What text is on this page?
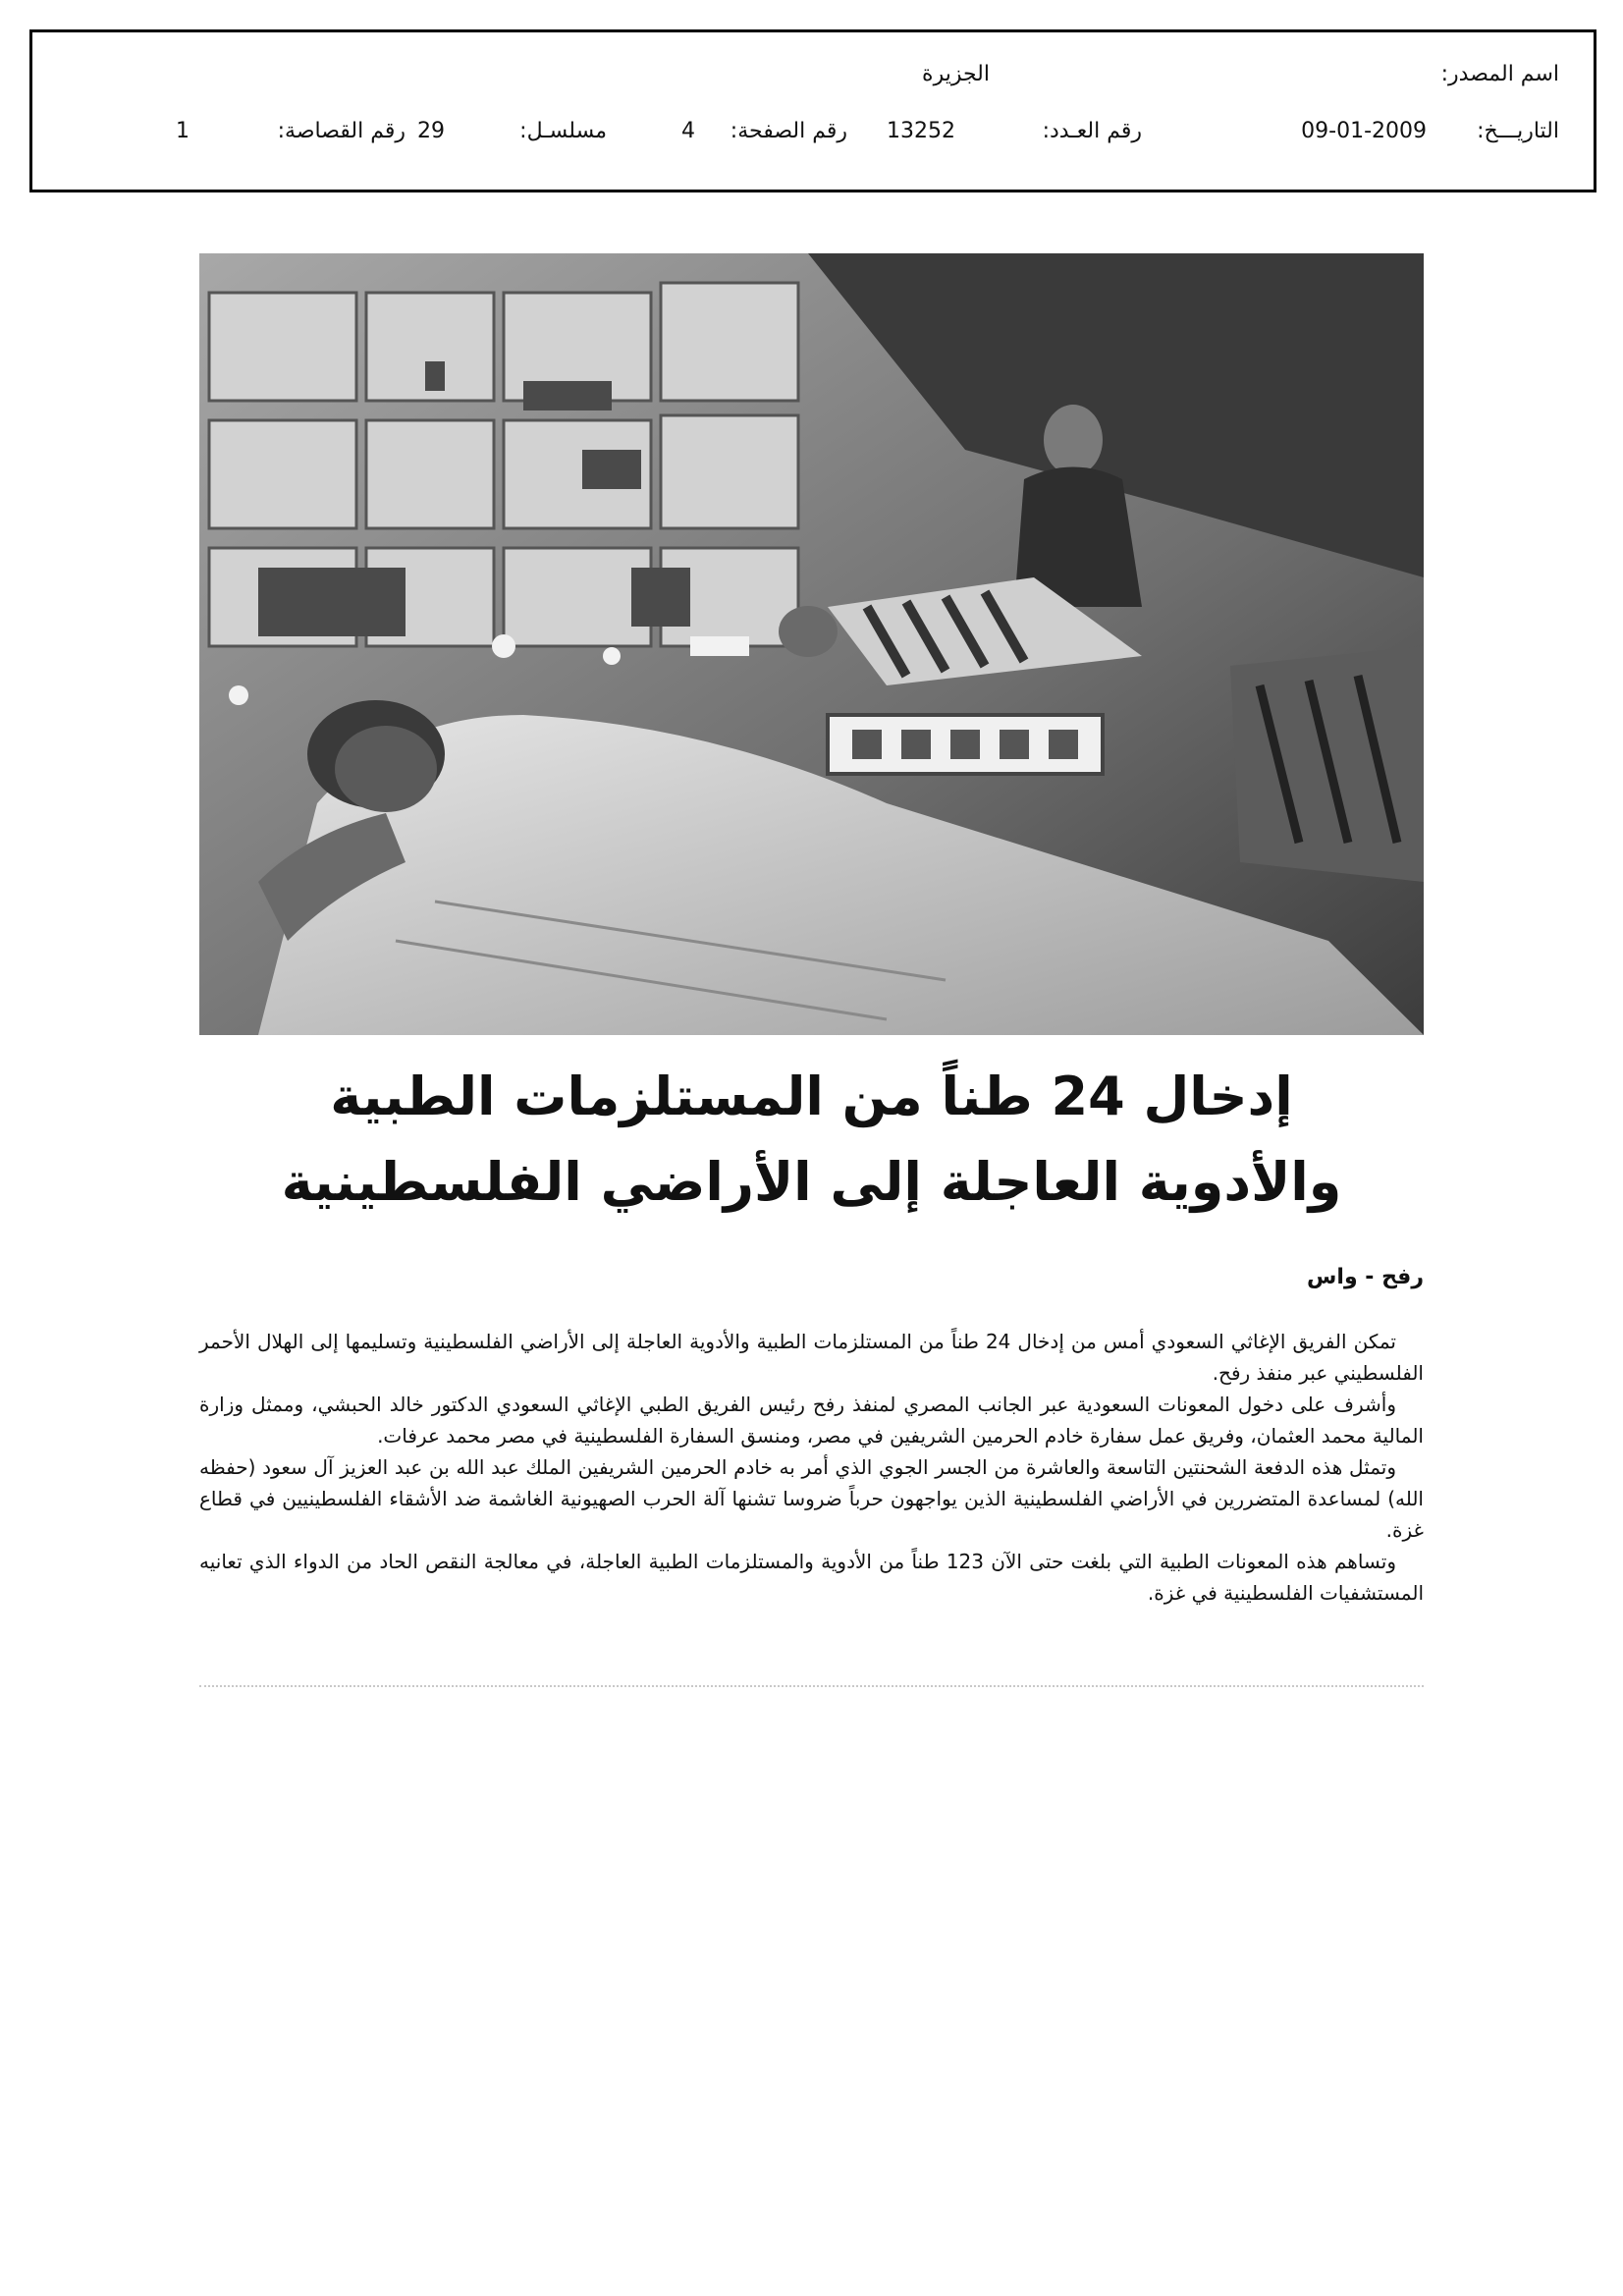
اسم المصدر:
الجزيرة
التاريـــخ:
09-01-2009
رقم العـدد:
13252
رقم الصفحة:
4
مسلسـل:
29
رقم القصاصة:
1
إدخال 24 طناً من المستلزمات الطبية
والأدوية العاجلة إلى الأراضي الفلسطينية
رفح - واس

تمكن الفريق الإغاثي السعودي أمس من إدخال 24 طناً من المستلزمات الطبية والأدوية العاجلة إلى الأراضي الفلسطينية وتسليمها إلى الهلال الأحمر الفلسطيني عبر منفذ رفح.

وأشرف على دخول المعونات السعودية عبر الجانب المصري لمنفذ رفح رئيس الفريق الطبي الإغاثي السعودي الدكتور خالد الحبشي، وممثل وزارة المالية محمد العثمان، وفريق عمل سفارة خادم الحرمين الشريفين في مصر، ومنسق السفارة الفلسطينية في مصر محمد عرفات.

وتمثل هذه الدفعة الشحنتين التاسعة والعاشرة من الجسر الجوي الذي أمر به خادم الحرمين الشريفين الملك عبد الله بن عبد العزيز آل سعود (حفظه الله) لمساعدة المتضررين في الأراضي الفلسطينية الذين يواجهون حرباً ضروسا تشنها آلة الحرب الصهيونية الغاشمة ضد الأشقاء الفلسطينيين في قطاع غزة.

وتساهم هذه المعونات الطبية التي بلغت حتى الآن 123 طناً من الأدوية والمستلزمات الطبية العاجلة، في معالجة النقص الحاد من الدواء الذي تعانيه المستشفيات الفلسطينية في غزة.
